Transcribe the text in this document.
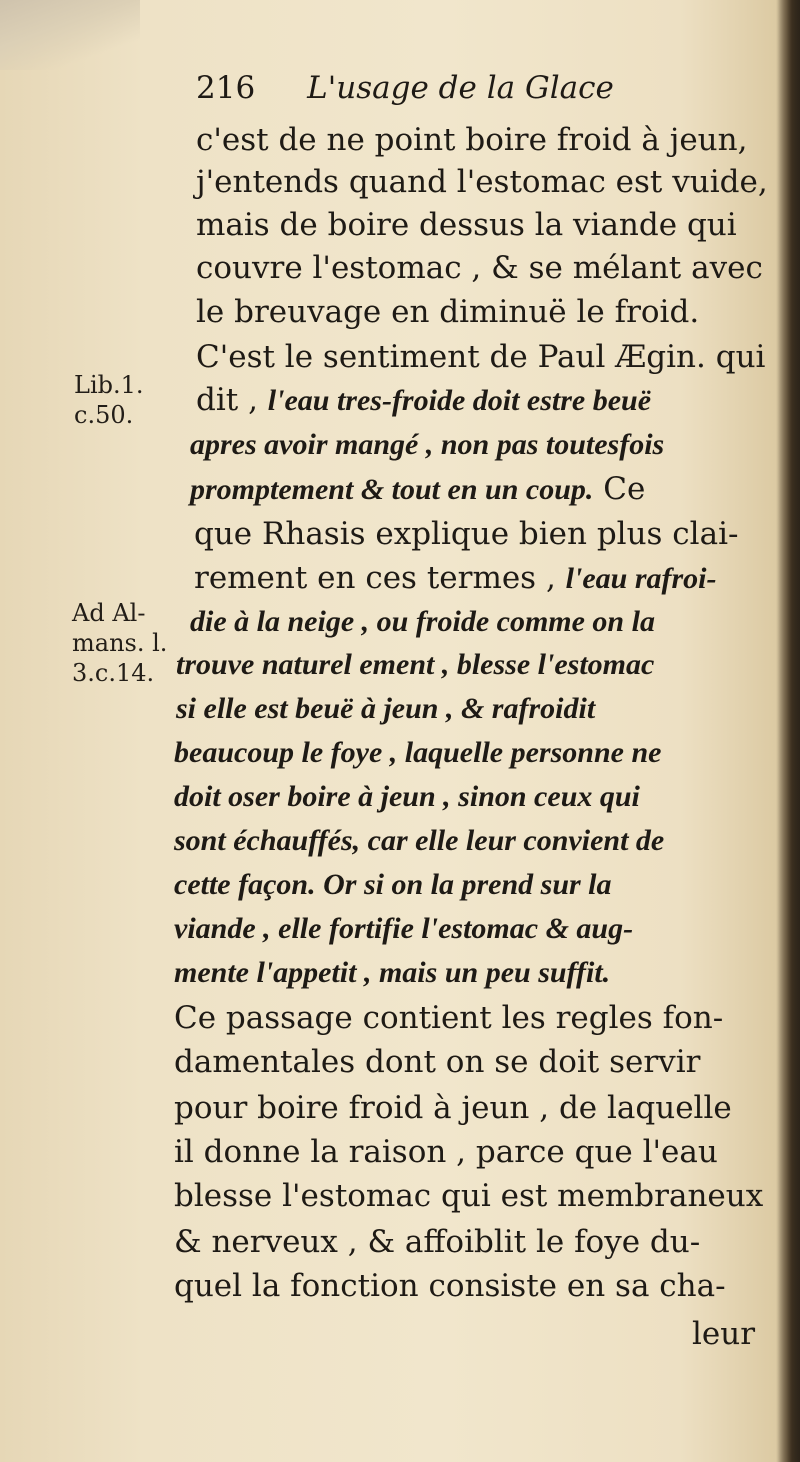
216 L'usage de la Glace
Lib.1.
c.50.
Ad Al-
mans. l.
3.c.14.
c'est de ne point boire froid à jeun,
j'entends quand l'estomac est vuide,
mais de boire dessus la viande qui
couvre l'estomac , & se mélant avec
le breuvage en diminuë le froid.
C'est le sentiment de Paul Ægin. qui
dit , l'eau tres-froide doit estre beuë
apres avoir mangé , non pas toutesfois
promptement & tout en un coup. Ce
que Rhasis explique bien plus clai-
rement en ces termes , l'eau rafroi-
die à la neige , ou froide comme on la
trouve naturel ement , blesse l'estomac
si elle est beuë à jeun , & rafroidit
beaucoup le foye , laquelle personne ne
doit oser boire à jeun , sinon ceux qui
sont échauffés, car elle leur convient de
cette façon. Or si on la prend sur la
viande , elle fortifie l'estomac & aug-
mente l'appetit , mais un peu suffit.
Ce passage contient les regles fon-
damentales dont on se doit servir
pour boire froid à jeun , de laquelle
il donne la raison , parce que l'eau
blesse l'estomac qui est membraneux
& nerveux , & affoiblit le foye du-
quel la fonction consiste en sa cha-
leur
